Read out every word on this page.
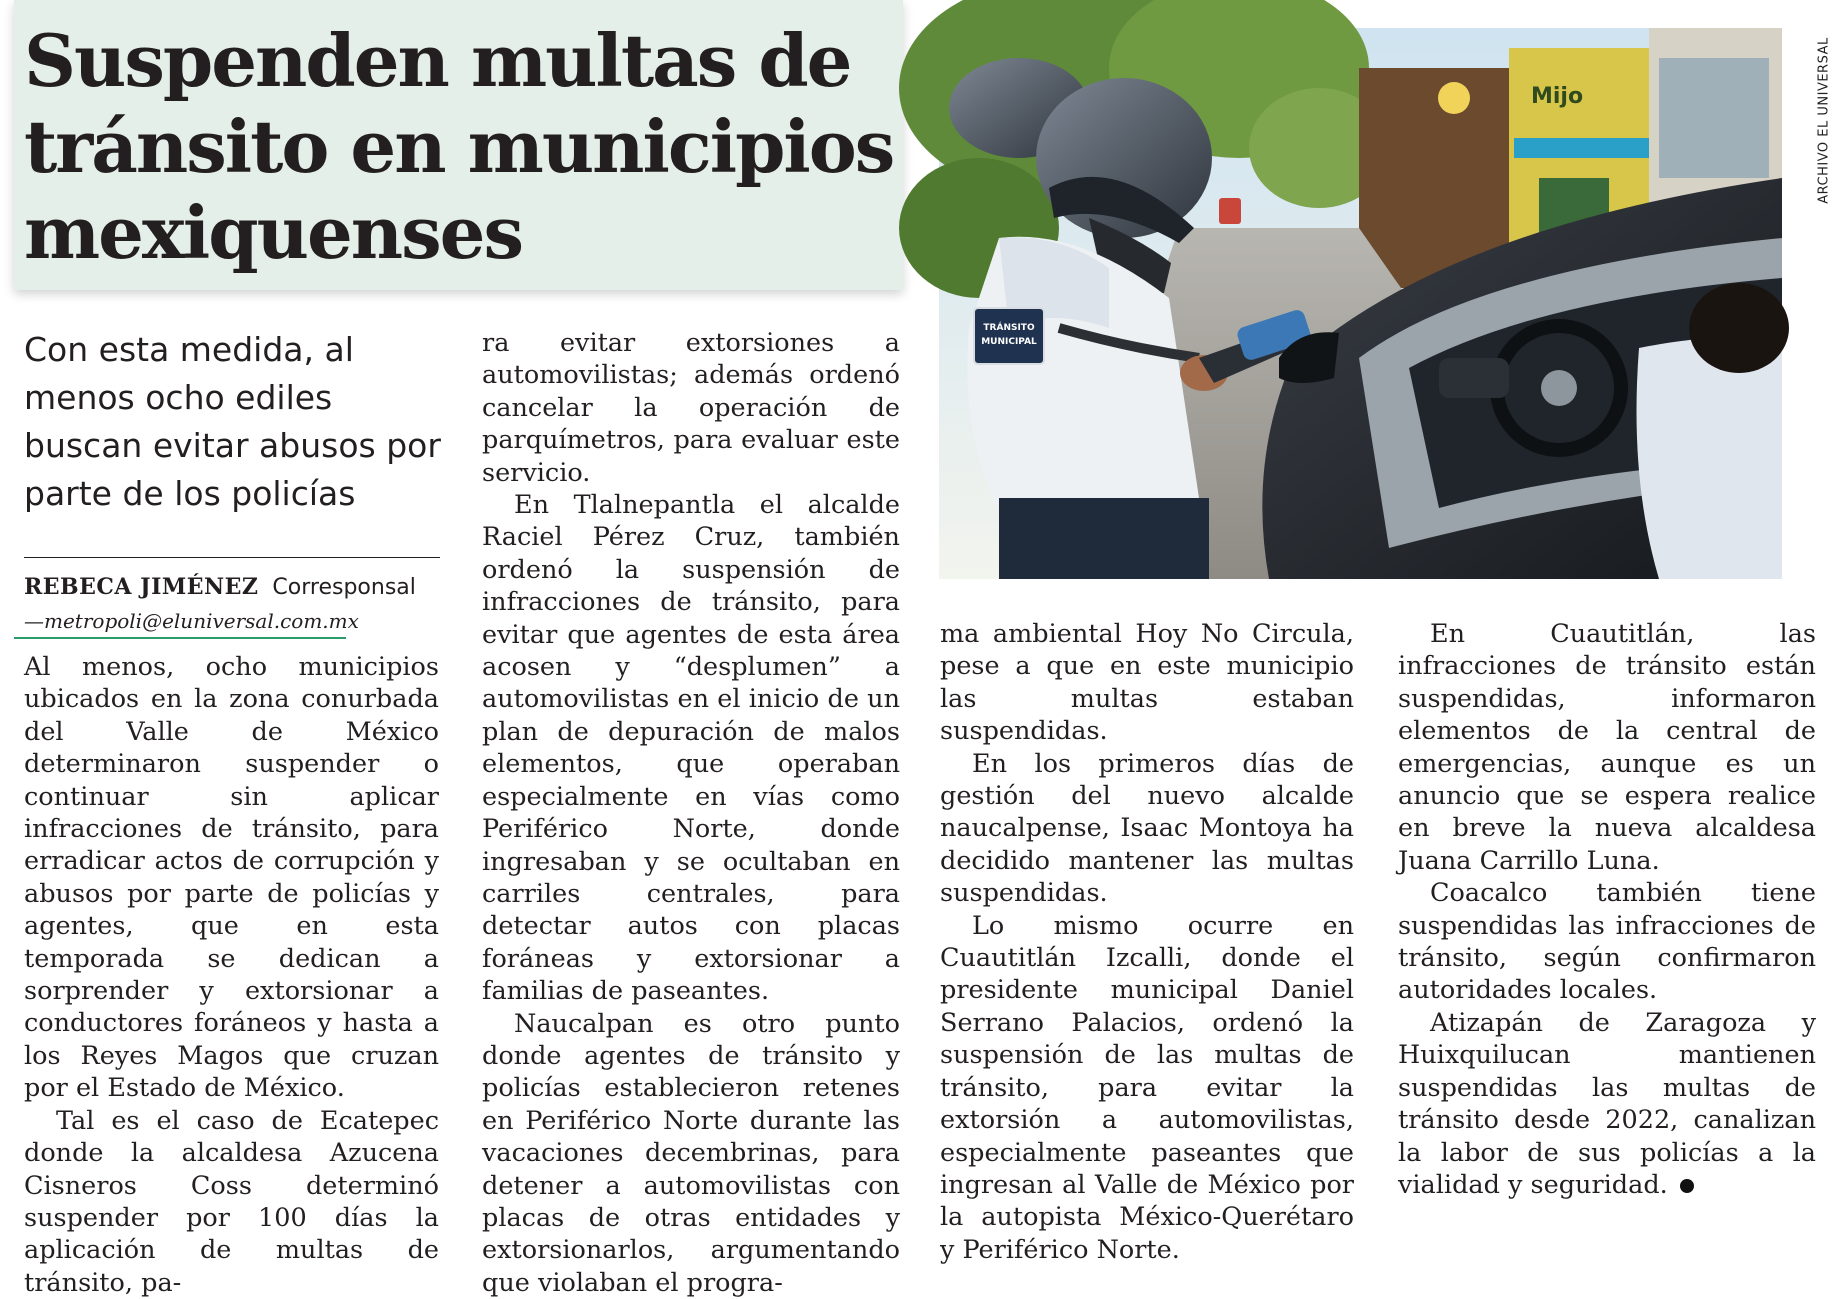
Suspenden multas de
tránsito en municipios
mexiquenses
Con esta medida, al menos ocho ediles buscan evitar abusos por parte de los policías
REBECA JIMÉNEZ Corresponsal
—metropoli@eluniversal.com.mx

Al menos, ocho municipios ubicados en la zona conurbada del Valle de México determinaron suspender o continuar sin aplicar infracciones de tránsito, para erradicar actos de corrupción y abusos por parte de policías y agentes, que en esta temporada se dedican a sorprender y extorsionar a conductores foráneos y hasta a los Reyes Magos que cruzan por el Estado de México.

Tal es el caso de Ecatepec donde la alcaldesa Azucena Cisneros Coss determinó suspender por 100 días la aplicación de multas de tránsito, pa-

ra evitar extorsiones a automovilistas; además ordenó cancelar la operación de parquímetros, para evaluar este servicio.

En Tlalnepantla el alcalde Raciel Pérez Cruz, también ordenó la suspensión de infracciones de tránsito, para evitar que agentes de esta área acosen y “desplumen” a automovilistas en el inicio de un plan de depuración de malos elementos, que operaban especialmente en vías como Periférico Norte, donde ingresaban y se ocultaban en carriles centrales, para detectar autos con placas foráneas y extorsionar a familias de paseantes.

Naucalpan es otro punto donde agentes de tránsito y policías establecieron retenes en Periférico Norte durante las vacaciones decembrinas, para detener a automovilistas con placas de otras entidades y extorsionarlos, argumentando que violaban el progra-

ma ambiental Hoy No Circula, pese a que en este municipio las multas estaban suspendidas.

En los primeros días de gestión del nuevo alcalde naucalpense, Isaac Montoya ha decidido mantener las multas suspendidas.

Lo mismo ocurre en Cuautitlán Izcalli, donde el presidente municipal Daniel Serrano Palacios, ordenó la suspensión de las multas de tránsito, para evitar la extorsión a automovilistas, especialmente paseantes que ingresan al Valle de México por la autopista México-Querétaro y Periférico Norte.

En Cuautitlán, las infracciones de tránsito están suspendidas, informaron elementos de la central de emergencias, aunque es un anuncio que se espera realice en breve la nueva alcaldesa Juana Carrillo Luna.

Coacalco también tiene suspendidas las infracciones de tránsito, según confirmaron autoridades locales.

Atizapán de Zaragoza y Huixquilucan mantienen suspendidas las multas de tránsito desde 2022, canalizan la labor de sus policías a la vialidad y seguridad.

Mijo
TRÁNSITO
MUNICIPAL
ARCHIVO EL UNIVERSAL
